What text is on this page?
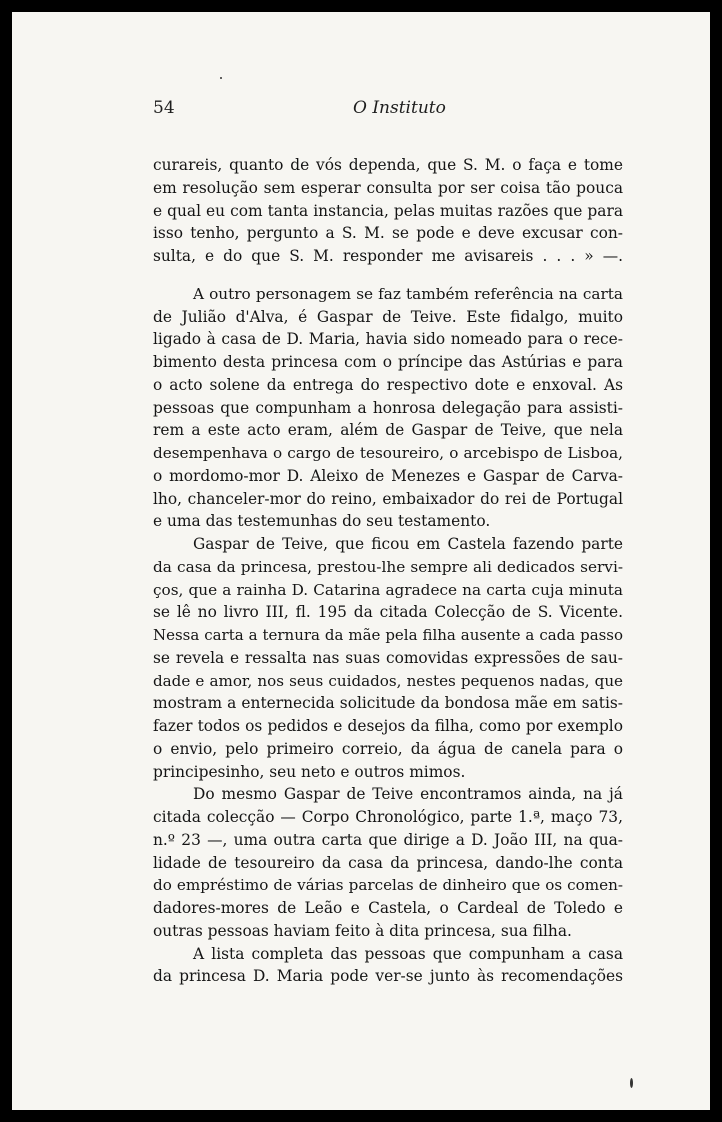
54	O Instituto
curareis, quanto de vós dependa, que S. M. o faça e tome
em resolução sem esperar consulta por ser coisa tão pouca
e qual eu com tanta instancia, pelas muitas razões que para
isso tenho, pergunto a S. M. se pode e deve excusar con-
sulta, e do que S. M. responder me avisareis . . . » —.
A outro personagem se faz também referência na carta
de Julião d'Alva, é Gaspar de Teive. Este fidalgo, muito
ligado à casa de D. Maria, havia sido nomeado para o rece-
bimento desta princesa com o príncipe das Astúrias e para
o acto solene da entrega do respectivo dote e enxoval. As
pessoas que compunham a honrosa delegação para assisti-
rem a este acto eram, além de Gaspar de Teive, que nela
desempenhava o cargo de tesoureiro, o arcebispo de Lisboa,
o mordomo-mor D. Aleixo de Menezes e Gaspar de Carva-
lho, chanceler-mor do reino, embaixador do rei de Portugal
e uma das testemunhas do seu testamento.
Gaspar de Teive, que ficou em Castela fazendo parte
da casa da princesa, prestou-lhe sempre ali dedicados servi-
ços, que a rainha D. Catarina agradece na carta cuja minuta
se lê no livro III, fl. 195 da citada Colecção de S. Vicente.
Nessa carta a ternura da mãe pela filha ausente a cada passo
se revela e ressalta nas suas comovidas expressões de sau-
dade e amor, nos seus cuidados, nestes pequenos nadas, que
mostram a enternecida solicitude da bondosa mãe em satis-
fazer todos os pedidos e desejos da filha, como por exemplo
o envio, pelo primeiro correio, da água de canela para o
principesinho, seu neto e outros mimos.
Do mesmo Gaspar de Teive encontramos ainda, na já
citada colecção — Corpo Chronológico, parte 1.ª, maço 73,
n.º 23 —, uma outra carta que dirige a D. João III, na qua-
lidade de tesoureiro da casa da princesa, dando-lhe conta
do empréstimo de várias parcelas de dinheiro que os comen-
dadores-mores de Leão e Castela, o Cardeal de Toledo e
outras pessoas haviam feito à dita princesa, sua filha.
A lista completa das pessoas que compunham a casa
da princesa D. Maria pode ver-se junto às recomendações
